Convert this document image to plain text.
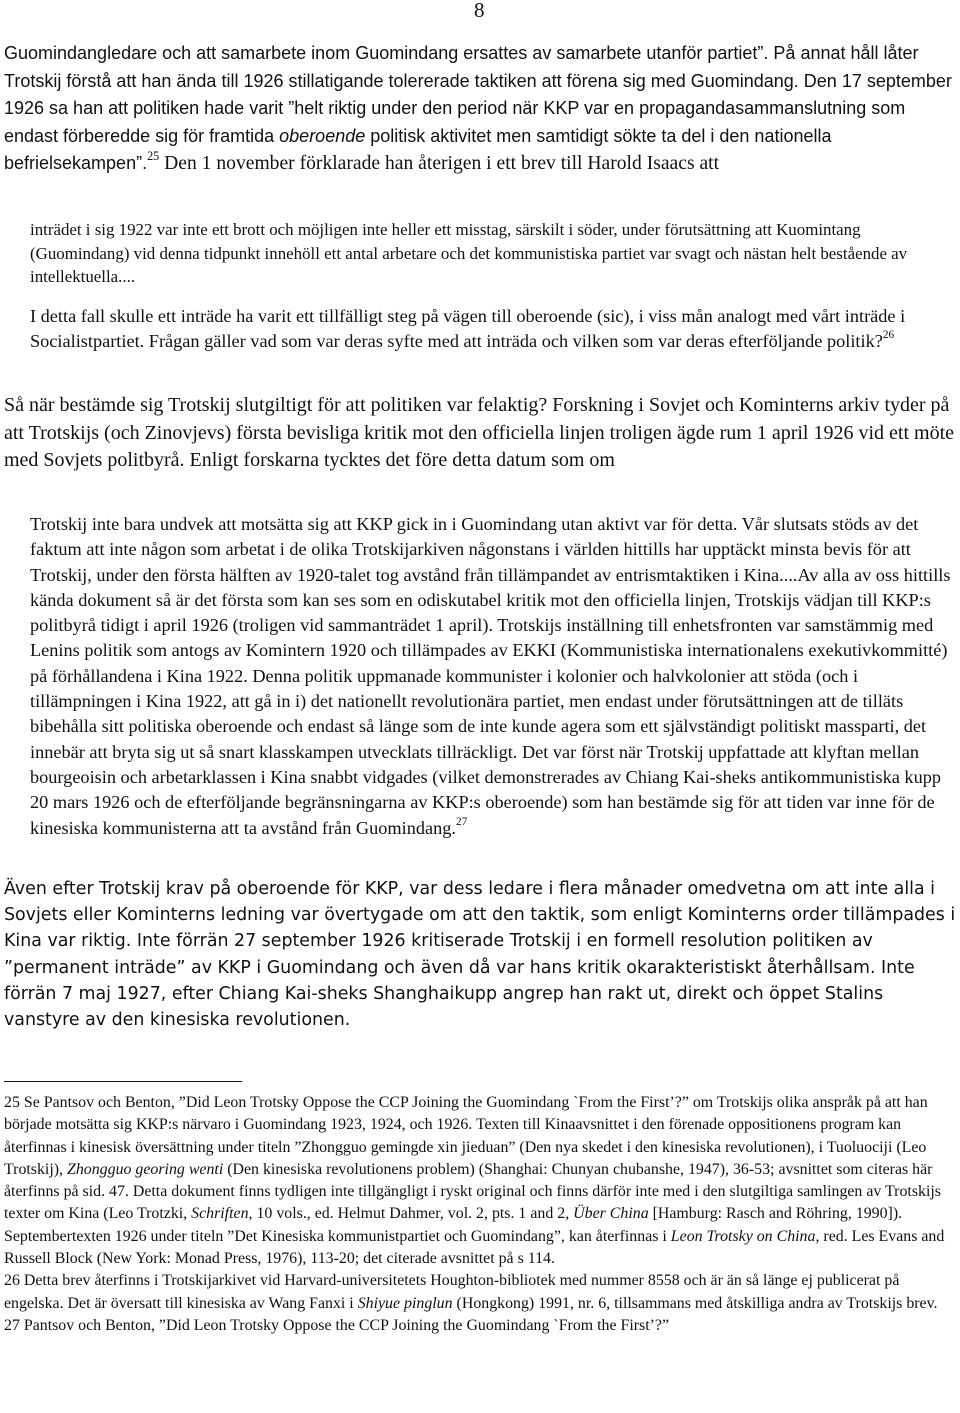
8

Guomindangledare och att samarbete inom Guomindang ersattes av samarbete utanför partiet”. På annat håll låter Trotskij förstå att han ända till 1926 stillatigande tolererade taktiken att förena sig med Guomindang. Den 17 september 1926 sa han att politiken hade varit ”helt riktig under den period när KKP var en propagandasammanslutning som endast förberedde sig för framtida oberoende politisk aktivitet men samtidigt sökte ta del i den nationella befrielsekampen”.$^{25}$ Den 1 november förklarade han återigen i ett brev till Harold Isaacs att

inträdet i sig 1922 var inte ett brott och möjligen inte heller ett misstag, särskilt i söder, under förutsättning att Kuomintang (Guomindang) vid denna tidpunkt innehöll ett antal arbetare och det kommunistiska partiet var svagt och nästan helt bestående av intellektuella....

I detta fall skulle ett inträde ha varit ett tillfälligt steg på vägen till oberoende (sic), i viss mån analogt med vårt inträde i Socialistpartiet. Frågan gäller vad som var deras syfte med att inträda och vilken som var deras efterföljande politik?$^{26}$

Så när bestämde sig Trotskij slutgiltigt för att politiken var felaktig? Forskning i Sovjet och Kominterns arkiv tyder på att Trotskijs (och Zinovjevs) första bevisliga kritik mot den officiella linjen troligen ägde rum 1 april 1926 vid ett möte med Sovjets politbyrå. Enligt forskarna tycktes det före detta datum som om

Trotskij inte bara undvek att motsätta sig att KKP gick in i Guomindang utan aktivt var för detta. Vår slutsats stöds av det faktum att inte någon som arbetat i de olika Trotskijarkiven någonstans i världen hittills har upptäckt minsta bevis för att Trotskij, under den första hälften av 1920-talet tog avstånd från tillämpandet av entrismtaktiken i Kina....Av alla av oss hittills kända dokument så är det första som kan ses som en odiskutabel kritik mot den officiella linjen, Trotskijs vädjan till KKP:s politbyrå tidigt i april 1926 (troligen vid sammanträdet 1 april). Trotskijs inställning till enhetsfronten var samstämmig med Lenins politik som antogs av Komintern 1920 och tillämpades av EKKI (Kommunistiska internationalens exekutivkommitté) på förhållandena i Kina 1922. Denna politik uppmanade kommunister i kolonier och halvkolonier att stöda (och i tillämpningen i Kina 1922, att gå in i) det nationellt revolutionära partiet, men endast under förutsättningen att de tilläts bibehålla sitt politiska oberoende och endast så länge som de inte kunde agera som ett självständigt politiskt massparti, det innebär att bryta sig ut så snart klasskampen utvecklats tillräckligt. Det var först när Trotskij uppfattade att klyftan mellan bourgeoisin och arbetarklassen i Kina snabbt vidgades (vilket demonstrerades av Chiang Kai-sheks antikommunistiska kupp 20 mars 1926 och de efterföljande begränsningarna av KKP:s oberoende) som han bestämde sig för att tiden var inne för de kinesiska kommunisterna att ta avstånd från Guomindang.$^{27}$

Även efter Trotskij krav på oberoende för KKP, var dess ledare i flera månader omedvetna om att inte alla i Sovjets eller Kominterns ledning var övertygade om att den taktik, som enligt Kominterns order tillämpades i Kina var riktig. Inte förrän 27 september 1926 kritiserade Trotskij i en formell resolution politiken av ”permanent inträde” av KKP i Guomindang och även då var hans kritik okarakteristiskt återhållsam. Inte förrän 7 maj 1927, efter Chiang Kai-sheks Shanghaikupp angrep han rakt ut, direkt och öppet Stalins vanstyre av den kinesiska revolutionen.

25 Se Pantsov och Benton, ”Did Leon Trotsky Oppose the CCP Joining the Guomindang `From the First’?” om Trotskijs olika anspråk på att han började motsätta sig KKP:s närvaro i Guomindang 1923, 1924, och 1926. Texten till Kinaavsnittet i den förenade oppositionens program kan återfinnas i kinesisk översättning under titeln ”Zhongguo gemingde xin jieduan” (Den nya skedet i den kinesiska revolutionen), i Tuoluociji (Leo Trotskij), Zhongguo georing wenti (Den kinesiska revolutionens problem) (Shanghai: Chunyan chubanshe, 1947), 36-53; avsnittet som citeras här återfinns på sid. 47. Detta dokument finns tydligen inte tillgängligt i ryskt original och finns därför inte med i den slutgiltiga samlingen av Trotskijs texter om Kina (Leo Trotzki, Schriften, 10 vols., ed. Helmut Dahmer, vol. 2, pts. 1 and 2, Über China [Hamburg: Rasch and Röhring, 1990]). Septembertexten 1926 under titeln ”Det Kinesiska kommunistpartiet och Guomindang”, kan återfinnas i Leon Trotsky on China, red. Les Evans and Russell Block (New York: Monad Press, 1976), 113-20; det citerade avsnittet på s 114.

26 Detta brev återfinns i Trotskijarkivet vid Harvard-universitetets Houghton-bibliotek med nummer 8558 och är än så länge ej publicerat på engelska. Det är översatt till kinesiska av Wang Fanxi i Shiyue pinglun (Hongkong) 1991, nr. 6, tillsammans med åtskilliga andra av Trotskijs brev.

27 Pantsov och Benton, ”Did Leon Trotsky Oppose the CCP Joining the Guomindang `From the First’?”
